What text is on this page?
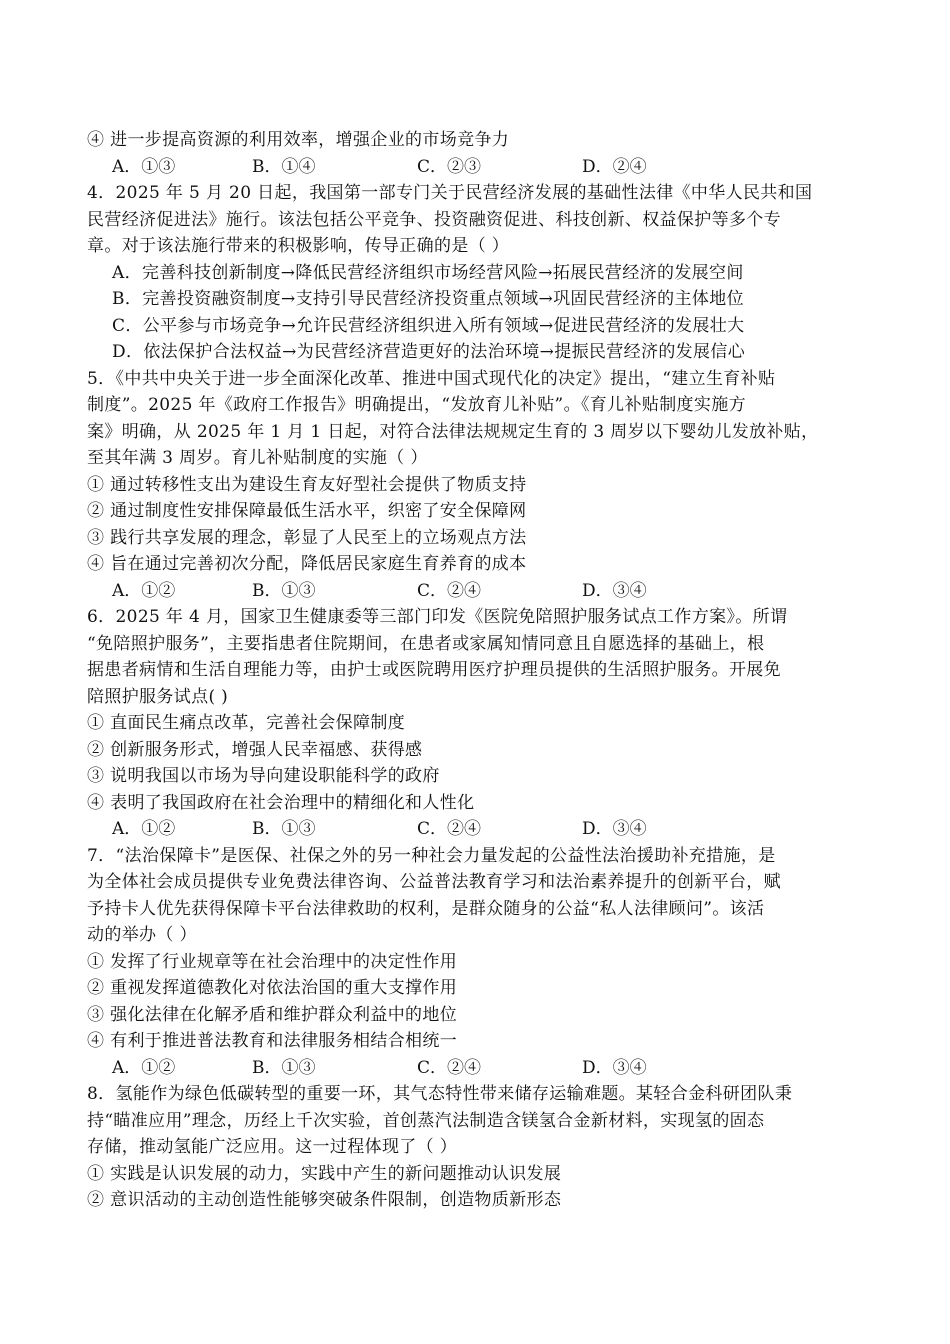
④ 进一步提高资源的利用效率，增强企业的市场竞争力
A．①③	B．①④	C．②③	D．②④
4．2025 年 5 月 20 日起，我国第一部专门关于民营经济发展的基础性法律《中华人民共和国
民营经济促进法》施行。该法包括公平竞争、投资融资促进、科技创新、权益保护等多个专
章。对于该法施行带来的积极影响，传导正确的是（ ）
A．完善科技创新制度→降低民营经济组织市场经营风险→拓展民营经济的发展空间
B．完善投资融资制度→支持引导民营经济投资重点领域→巩固民营经济的主体地位
C．公平参与市场竞争→允许民营经济组织进入所有领域→促进民营经济的发展壮大
D．依法保护合法权益→为民营经济营造更好的法治环境→提振民营经济的发展信心
5．《中共中央关于进一步全面深化改革、推进中国式现代化的决定》提出，“建立生育补贴
制度”。2025 年《政府工作报告》明确提出，“发放育儿补贴”。《育儿补贴制度实施方
案》明确，从 2025 年 1 月 1 日起，对符合法律法规规定生育的 3 周岁以下婴幼儿发放补贴，
至其年满 3 周岁。育儿补贴制度的实施（ ）
① 通过转移性支出为建设生育友好型社会提供了物质支持
② 通过制度性安排保障最低生活水平，织密了安全保障网
③ 践行共享发展的理念，彰显了人民至上的立场观点方法
④ 旨在通过完善初次分配，降低居民家庭生育养育的成本
A．①②	B．①③	C．②④	D．③④
6．2025 年 4 月，国家卫生健康委等三部门印发《医院免陪照护服务试点工作方案》。所谓
“免陪照护服务”，主要指患者住院期间，在患者或家属知情同意且自愿选择的基础上，根
据患者病情和生活自理能力等，由护士或医院聘用医疗护理员提供的生活照护服务。开展免
陪照护服务试点( )
① 直面民生痛点改革，完善社会保障制度
② 创新服务形式，增强人民幸福感、获得感
③ 说明我国以市场为导向建设职能科学的政府
④ 表明了我国政府在社会治理中的精细化和人性化
A．①②	B．①③	C．②④	D．③④
7．“法治保障卡”是医保、社保之外的另一种社会力量发起的公益性法治援助补充措施，是
为全体社会成员提供专业免费法律咨询、公益普法教育学习和法治素养提升的创新平台，赋
予持卡人优先获得保障卡平台法律救助的权利，是群众随身的公益“私人法律顾问”。该活
动的举办（ ）
① 发挥了行业规章等在社会治理中的决定性作用
② 重视发挥道德教化对依法治国的重大支撑作用
③ 强化法律在化解矛盾和维护群众利益中的地位
④ 有利于推进普法教育和法律服务相结合相统一
A．①②	B．①③	C．②④	D．③④
8．氢能作为绿色低碳转型的重要一环，其气态特性带来储存运输难题。某轻合金科研团队秉
持“瞄准应用”理念，历经上千次实验，首创蒸汽法制造含镁氢合金新材料，实现氢的固态
存储，推动氢能广泛应用。这一过程体现了（ ）
① 实践是认识发展的动力，实践中产生的新问题推动认识发展
② 意识活动的主动创造性能够突破条件限制，创造物质新形态
